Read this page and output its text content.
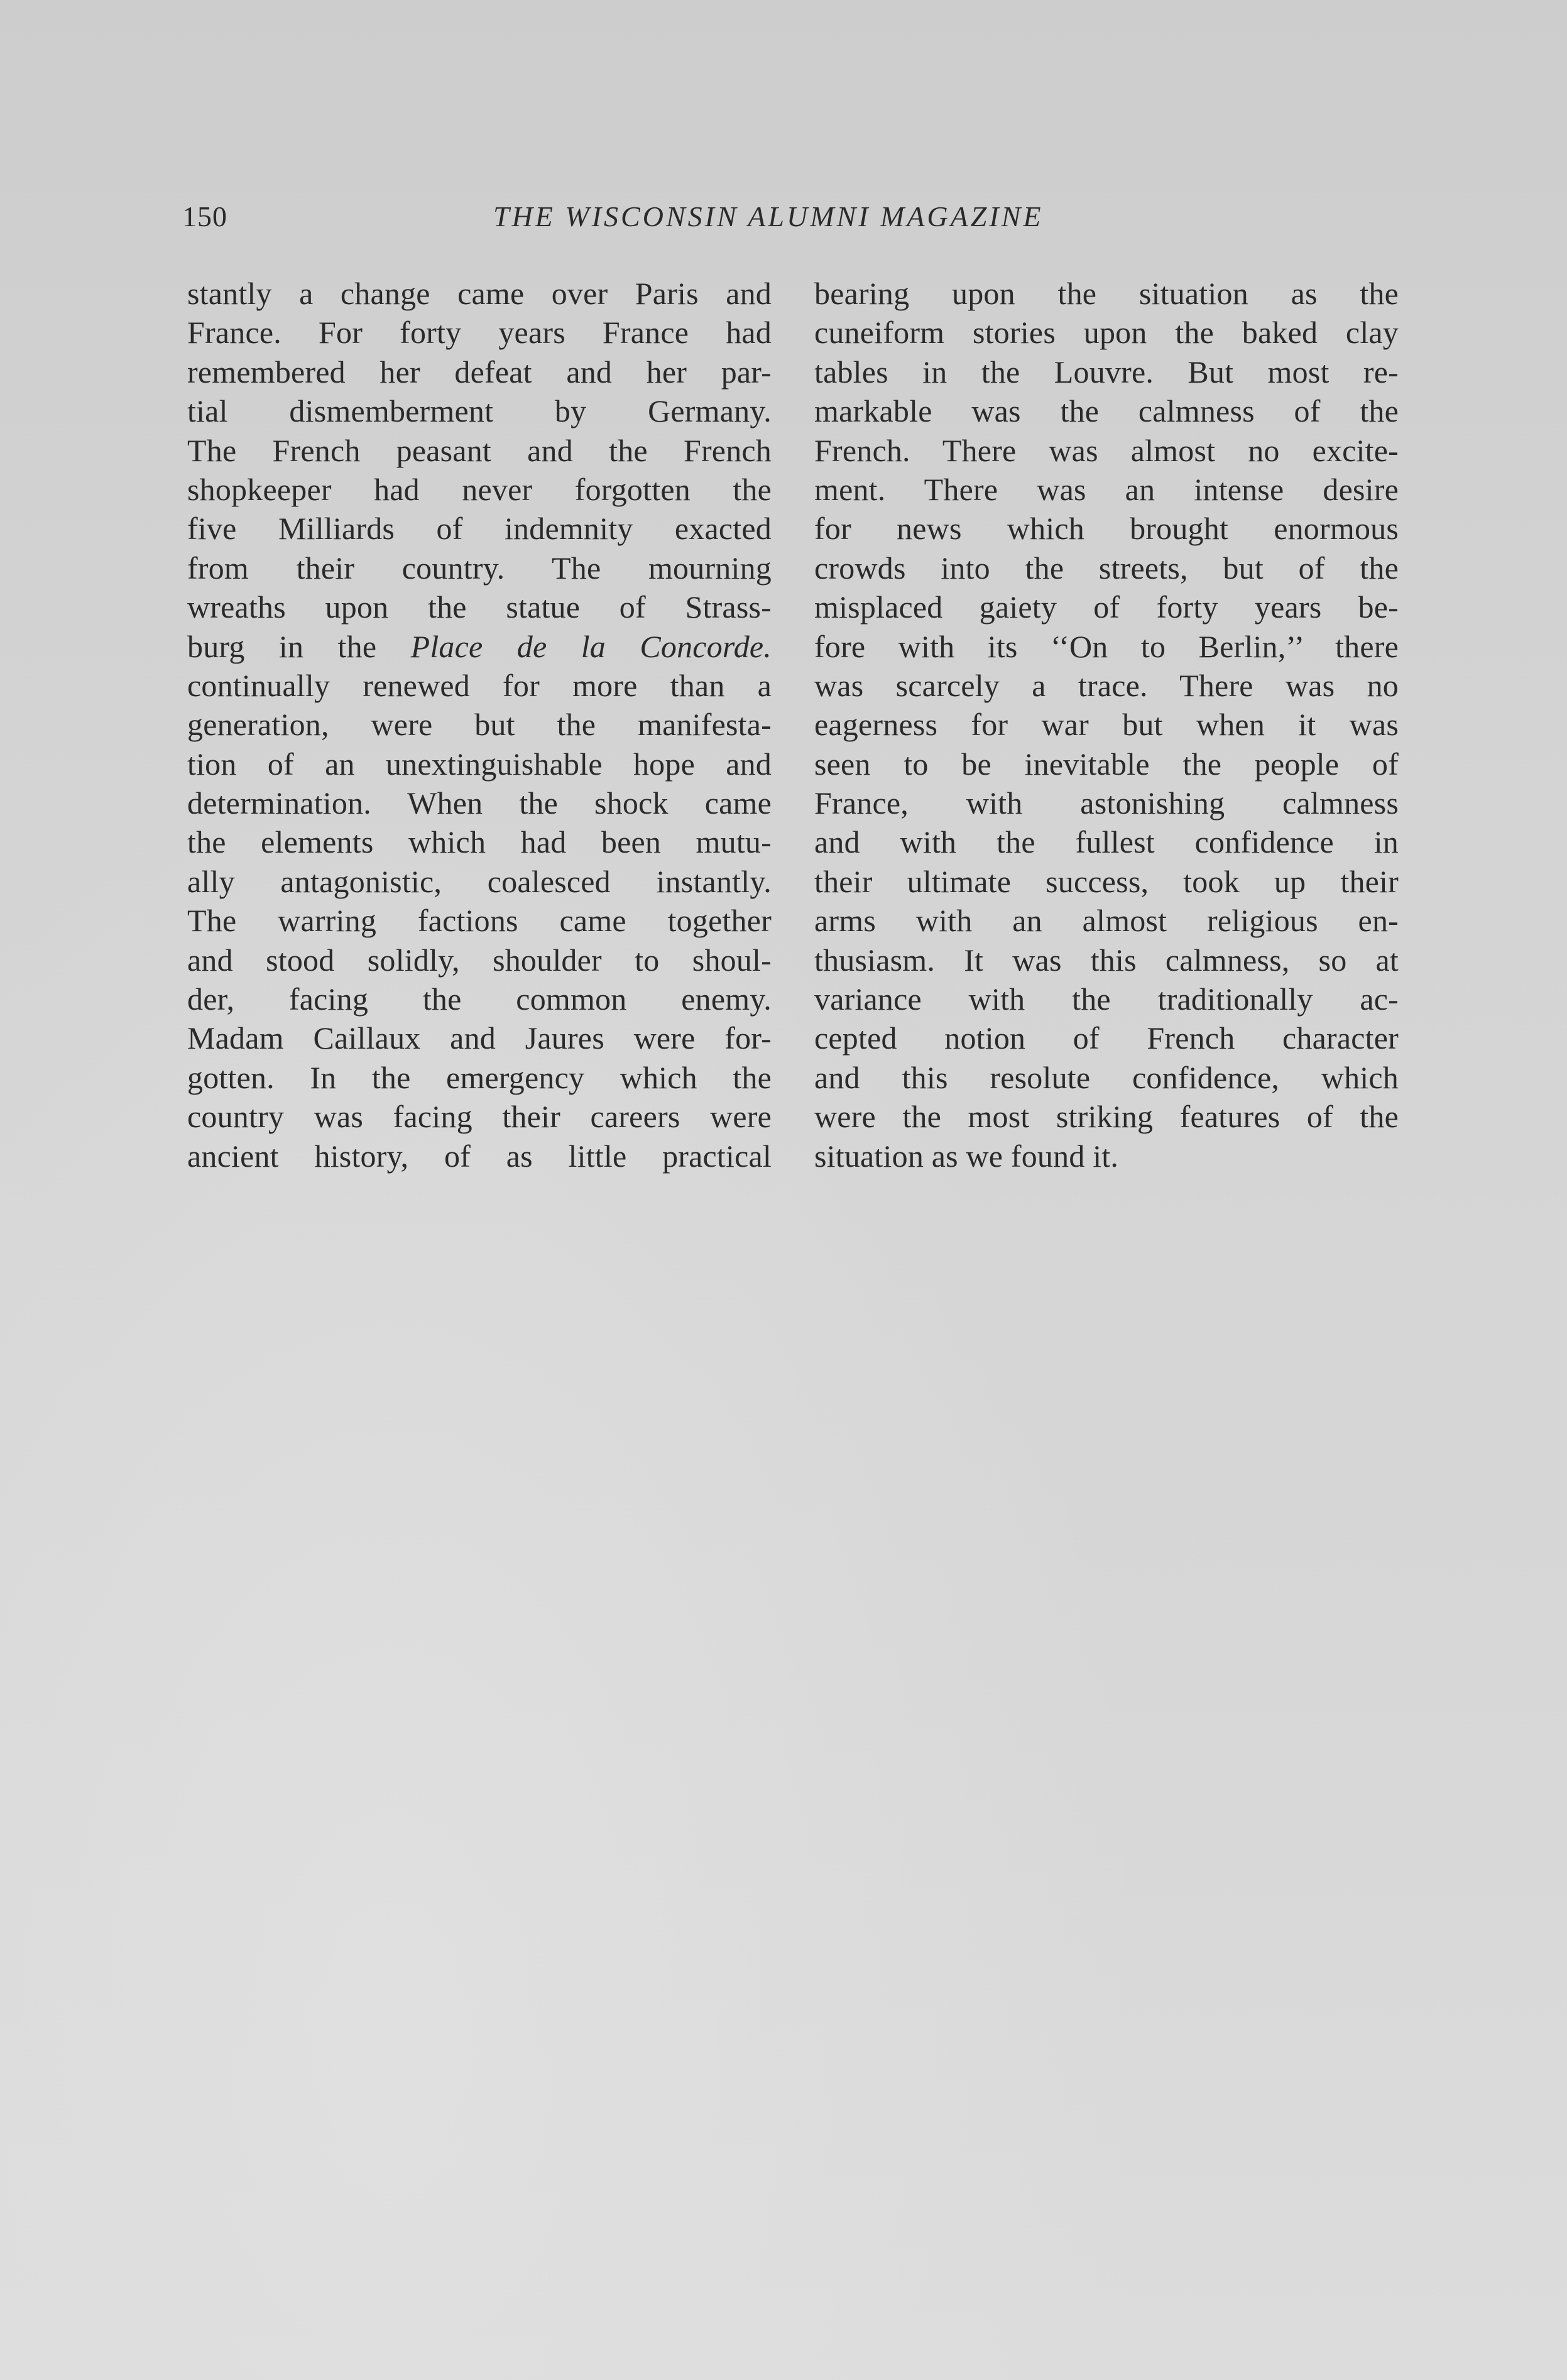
150	THE WISCONSIN ALUMNI MAGAZINE
stantly a change came over Paris and
France. For forty years France had
remembered her defeat and her par-
tial dismemberment by Germany.
The French peasant and the French
shopkeeper had never forgotten the
five Milliards of indemnity exacted
from their country. The mourning
wreaths upon the statue of Strass-
burg in the Place de la Concorde.
continually renewed for more than a
generation, were but the manifesta-
tion of an unextinguishable hope and
determination. When the shock came
the elements which had been mutu-
ally antagonistic, coalesced instantly.
The warring factions came together
and stood solidly, shoulder to shoul-
der, facing the common enemy.
Madam Caillaux and Jaures were for-
gotten. In the emergency which the
country was facing their careers were
ancient history, of as little practical
bearing upon the situation as the
cuneiform stories upon the baked clay
tables in the Louvre. But most re-
markable was the calmness of the
French. There was almost no excite-
ment. There was an intense desire
for news which brought enormous
crowds into the streets, but of the
misplaced gaiety of forty years be-
fore with its ‘‘On to Berlin,’’ there
was scarcely a trace. There was no
eagerness for war but when it was
seen to be inevitable the people of
France, with astonishing calmness
and with the fullest confidence in
their ultimate success, took up their
arms with an almost religious en-
thusiasm. It was this calmness, so at
variance with the traditionally ac-
cepted notion of French character
and this resolute confidence, which
were the most striking features of the
situation as we found it.
